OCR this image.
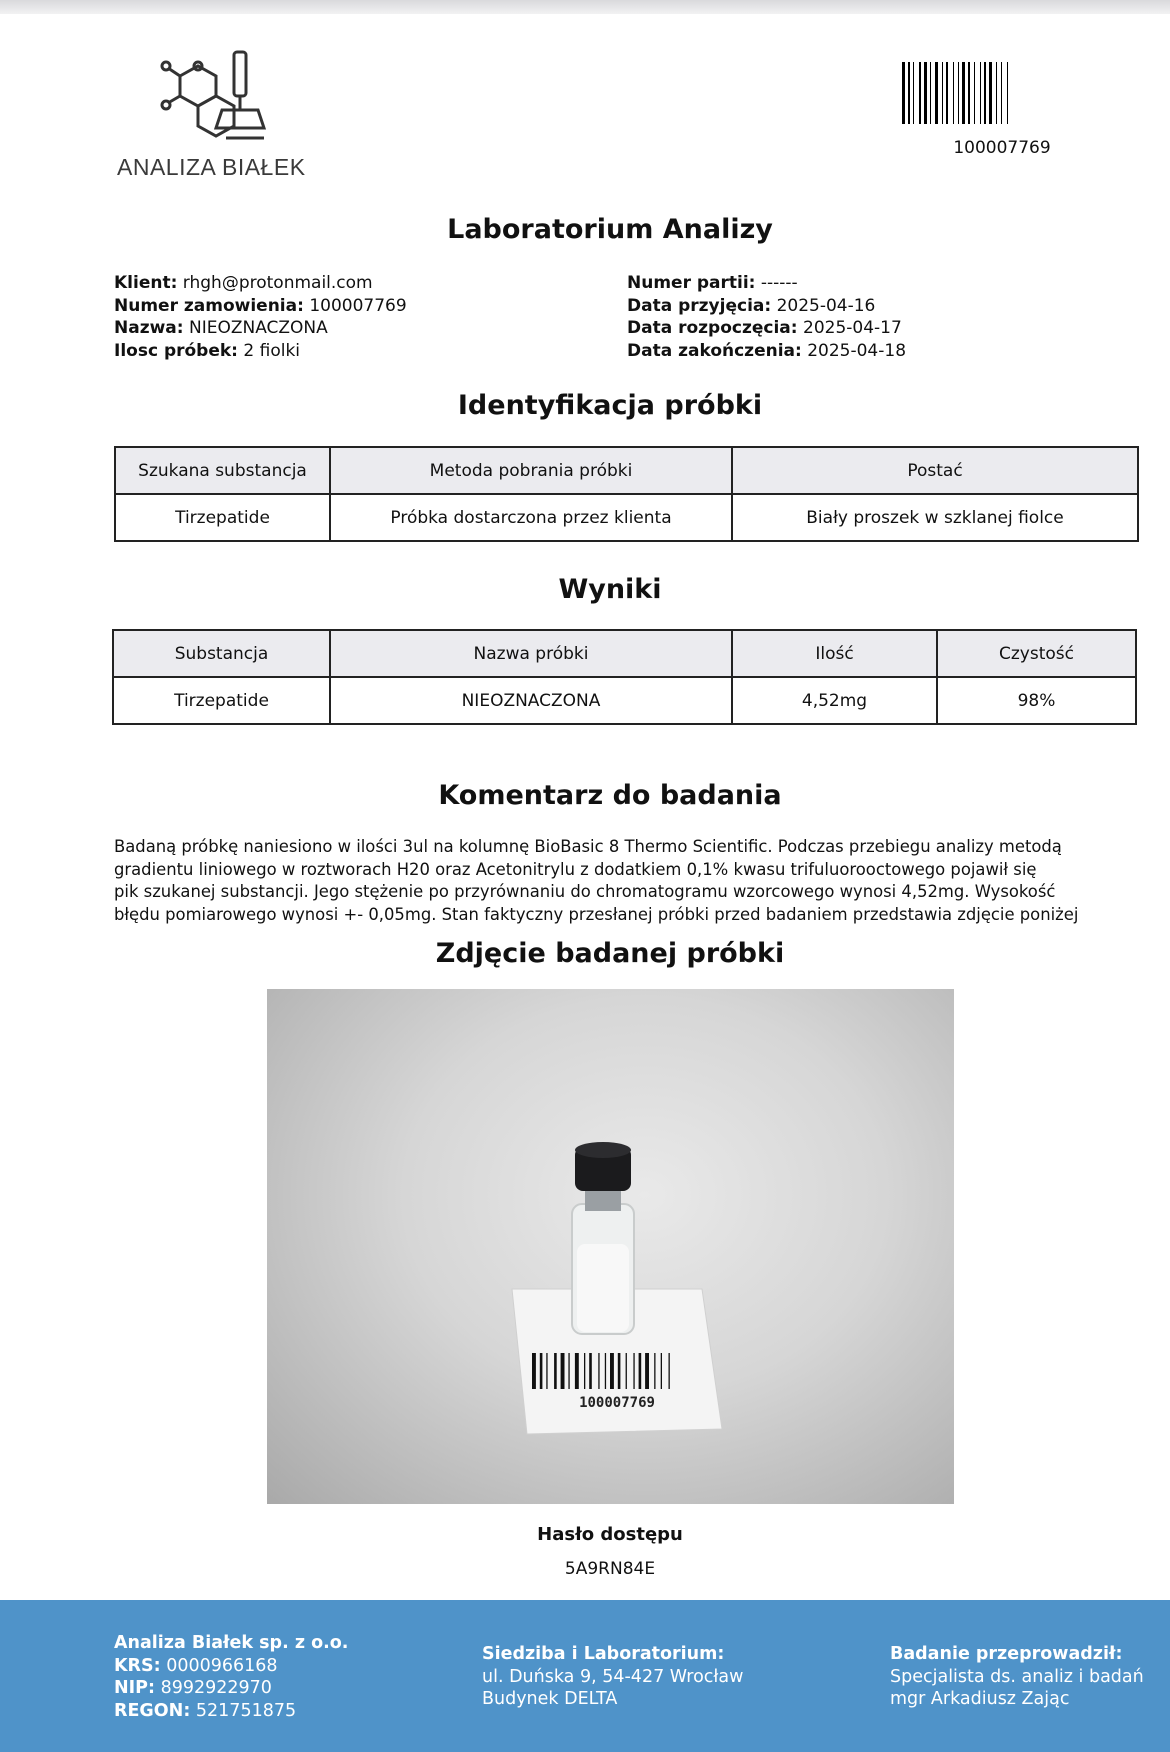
ANALIZA BIAŁEK
100007769
Laboratorium Analizy
Klient: rhgh@protonmail.com
Numer zamowienia: 100007769
Nazwa: NIEOZNACZONA
Ilosc próbek: 2 fiolki
Numer partii: ------
Data przyjęcia: 2025-04-16
Data rozpoczęcia: 2025-04-17
Data zakończenia: 2025-04-18
Identyfikacja próbki
Szukana substancja	Metoda pobrania próbki	Postać
Tirzepatide	Próbka dostarczona przez klienta	Biały proszek w szklanej fiolce
Wyniki
Substancja	Nazwa próbki	Ilość	Czystość
Tirzepatide	NIEOZNACZONA	4,52mg	98%
Komentarz do badania
Badaną próbkę naniesiono w ilości 3ul na kolumnę BioBasic 8 Thermo Scientific. Podczas przebiegu analizy metodą
gradientu liniowego w roztworach H20 oraz Acetonitrylu z dodatkiem 0,1% kwasu trifuluorooctowego pojawił się
pik szukanej substancji. Jego stężenie po przyrównaniu do chromatogramu wzorcowego wynosi 4,52mg. Wysokość
błędu pomiarowego wynosi +- 0,05mg. Stan faktyczny przesłanej próbki przed badaniem przedstawia zdjęcie poniżej
Zdjęcie badanej próbki
100007769
Hasło dostępu
5A9RN84E
Analiza Białek sp. z o.o.
KRS: 0000966168
NIP: 8992922970
REGON: 521751875
Siedziba i Laboratorium:
ul. Duńska 9, 54-427 Wrocław
Budynek DELTA
Badanie przeprowadził:
Specjalista ds. analiz i badań
mgr Arkadiusz Zając
